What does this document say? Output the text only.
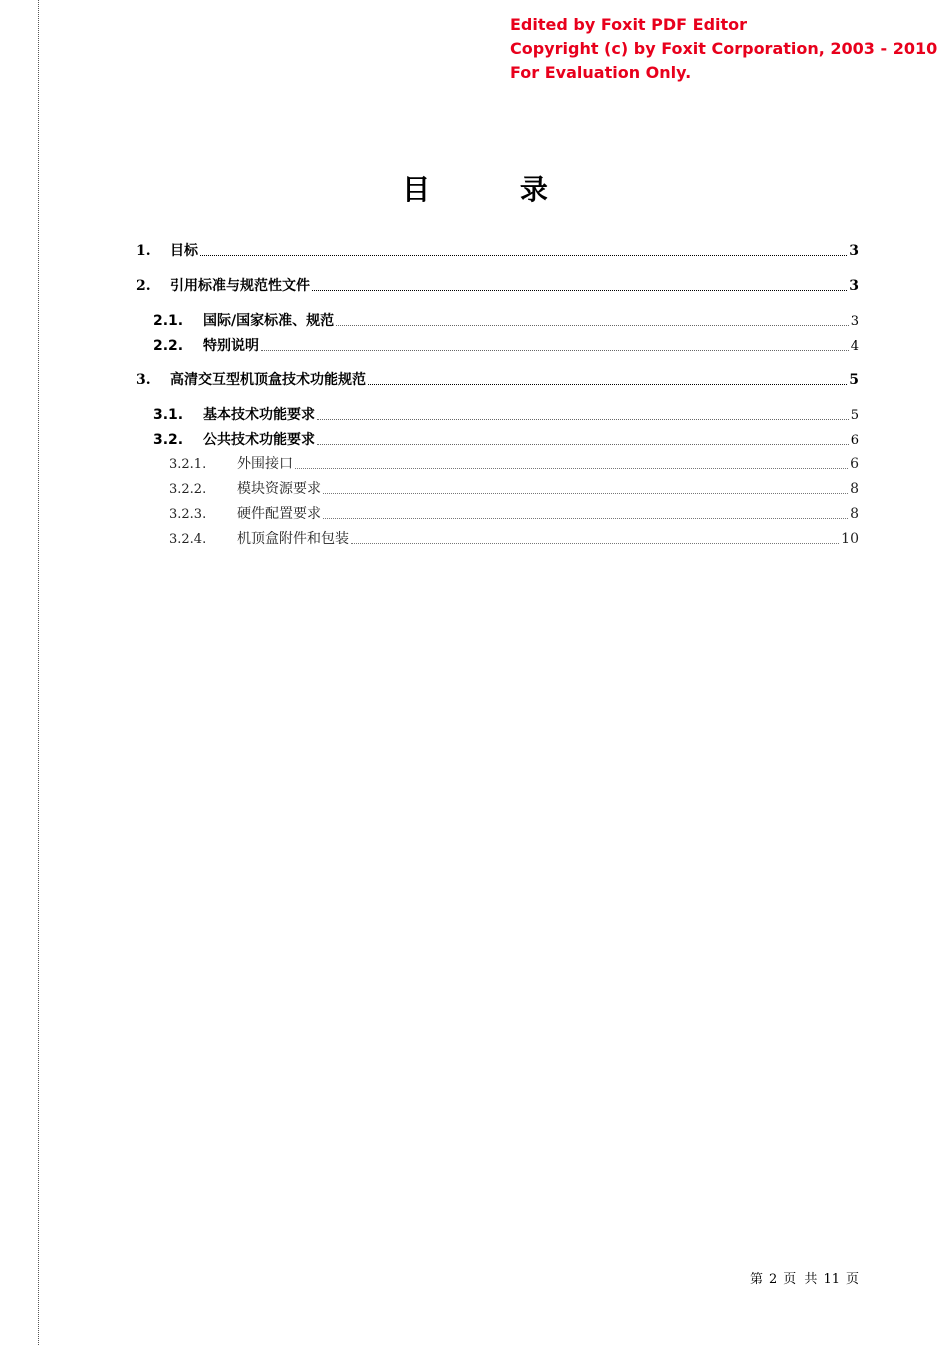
Edited by Foxit PDF Editor
Copyright (c) by Foxit Corporation, 2003 - 2010
For Evaluation Only.
目 录
1.	目标	3
2.	引用标准与规范性文件	3
2.1.	国际/国家标准、规范	3
2.2.	特别说明	4
3.	高清交互型机顶盒技术功能规范	5
3.1.	基本技术功能要求	5
3.2.	公共技术功能要求	6
3.2.1.	外围接口	6
3.2.2.	模块资源要求	8
3.2.3.	硬件配置要求	8
3.2.4.	机顶盒附件和包装	10
第 2 页 共 11 页
